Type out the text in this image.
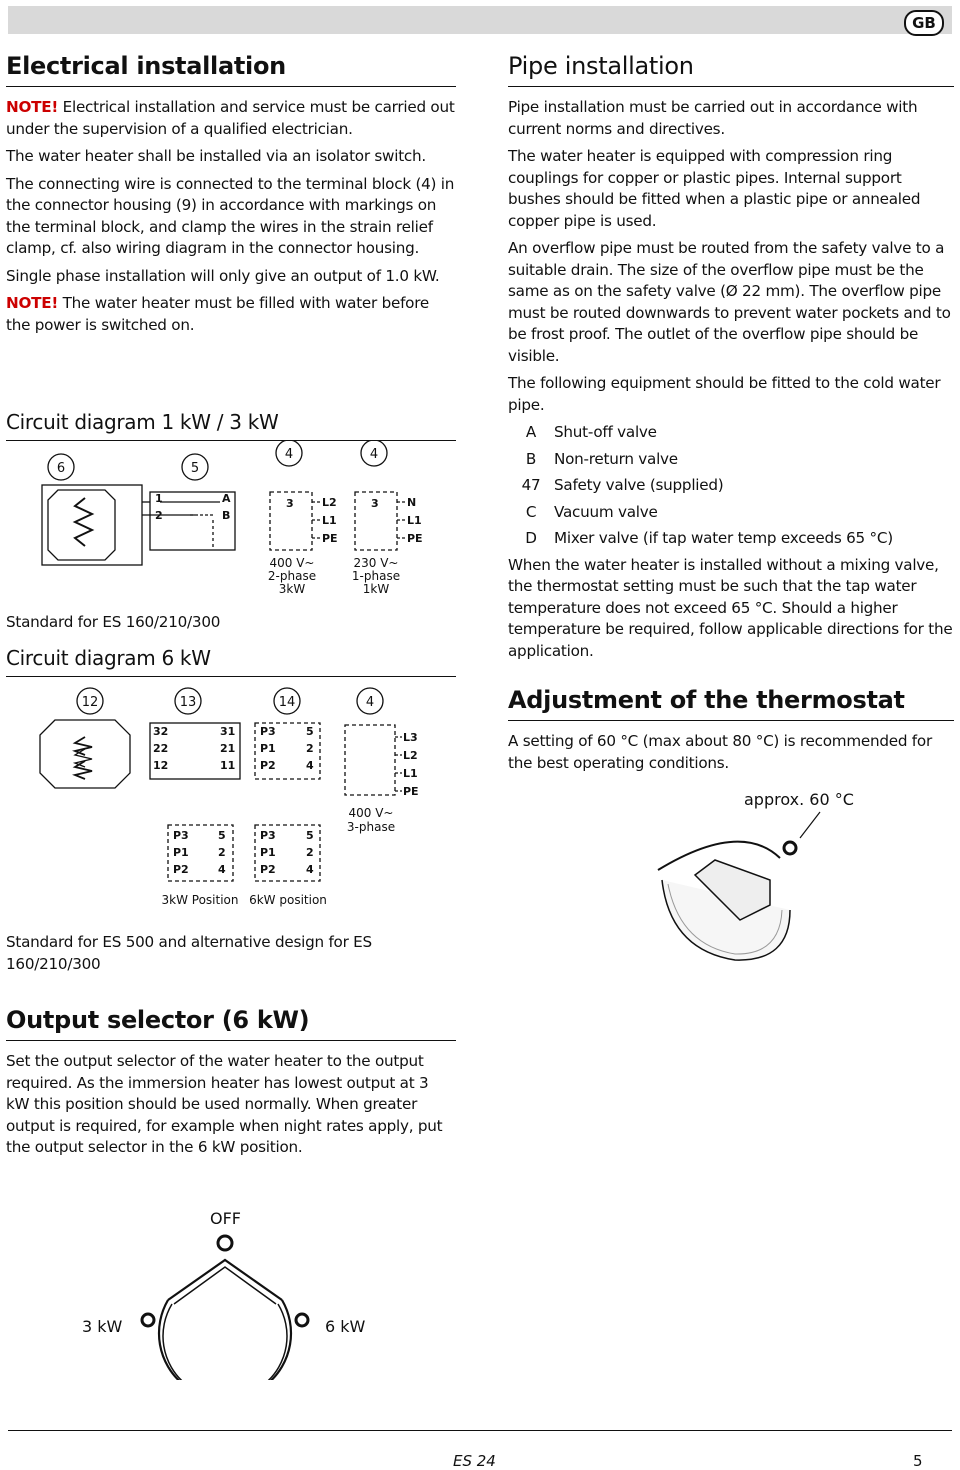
GB
Electrical installation

NOTE! Electrical installation and service must be carried out under the supervision of a qualified electrician.

The water heater shall be installed via an isolator switch.

The connecting wire is connected to the terminal block (4) in the connector housing (9) in accordance with markings on the terminal block, and clamp the wires in the strain relief clamp, cf. also wiring diagram in the connector housing.

Single phase installation will only give an output of 1.0 kW.

NOTE! The water heater must be filled with water before the power is switched on.

Circuit diagram 1 kW / 3 kW
6	5
4	4
1
2
A
B
3	L2
L1
PE
3	N
L1
PE
400 V~
2-phase
3kW
230 V~
1-phase
1kW

Standard for ES 160/210/300

Circuit diagram 6 kW
32
22
12
31
21
11
P3
P1
P2
5
2
4
L3
L2
L1
PE
P3
P1
P2
5
2
4
P3
P1
P2
5
2
4
12	13	14	4
400 V~
3-phase
3kW Position 6kW position

Standard for ES 500 and alternative design for ES 160/210/300

Output selector (6 kW)

Set the output selector of the water heater to the output required. As the immersion heater has lowest output at 3 kW this position should be used normally. When greater output is required, for example when night rates apply, put the output selector in the 6 kW position.

OFF
3 kW	6 kW
Pipe installation

Pipe installation must be carried out in accordance with current norms and directives.

The water heater is equipped with compression ring couplings for copper or plastic pipes. Internal support bushes should be fitted when a plastic pipe or annealed copper pipe is used.

An overflow pipe must be routed from the safety valve to a suitable drain. The size of the overflow pipe must be the same as on the safety valve (Ø 22 mm). The overflow pipe must be routed downwards to prevent water pockets and to be frost proof. The outlet of the overflow pipe should be visible.

The following equipment should be fitted to the cold water pipe.

A	Shut-off valve
B	Non-return valve
47 Safety valve (supplied)
C	Vacuum valve
D	Mixer valve (if tap water temp exceeds 65 °C)

When the water heater is installed without a mixing valve, the thermostat setting must be such that the tap water temperature does not exceed 65 °C. Should a higher temperature be required, follow applicable directions for the application.

Adjustment of the thermostat

A setting of 60 °C (max about 80 °C) is recommended for the best operating conditions.

approx. 60 °C
ES 24	5
